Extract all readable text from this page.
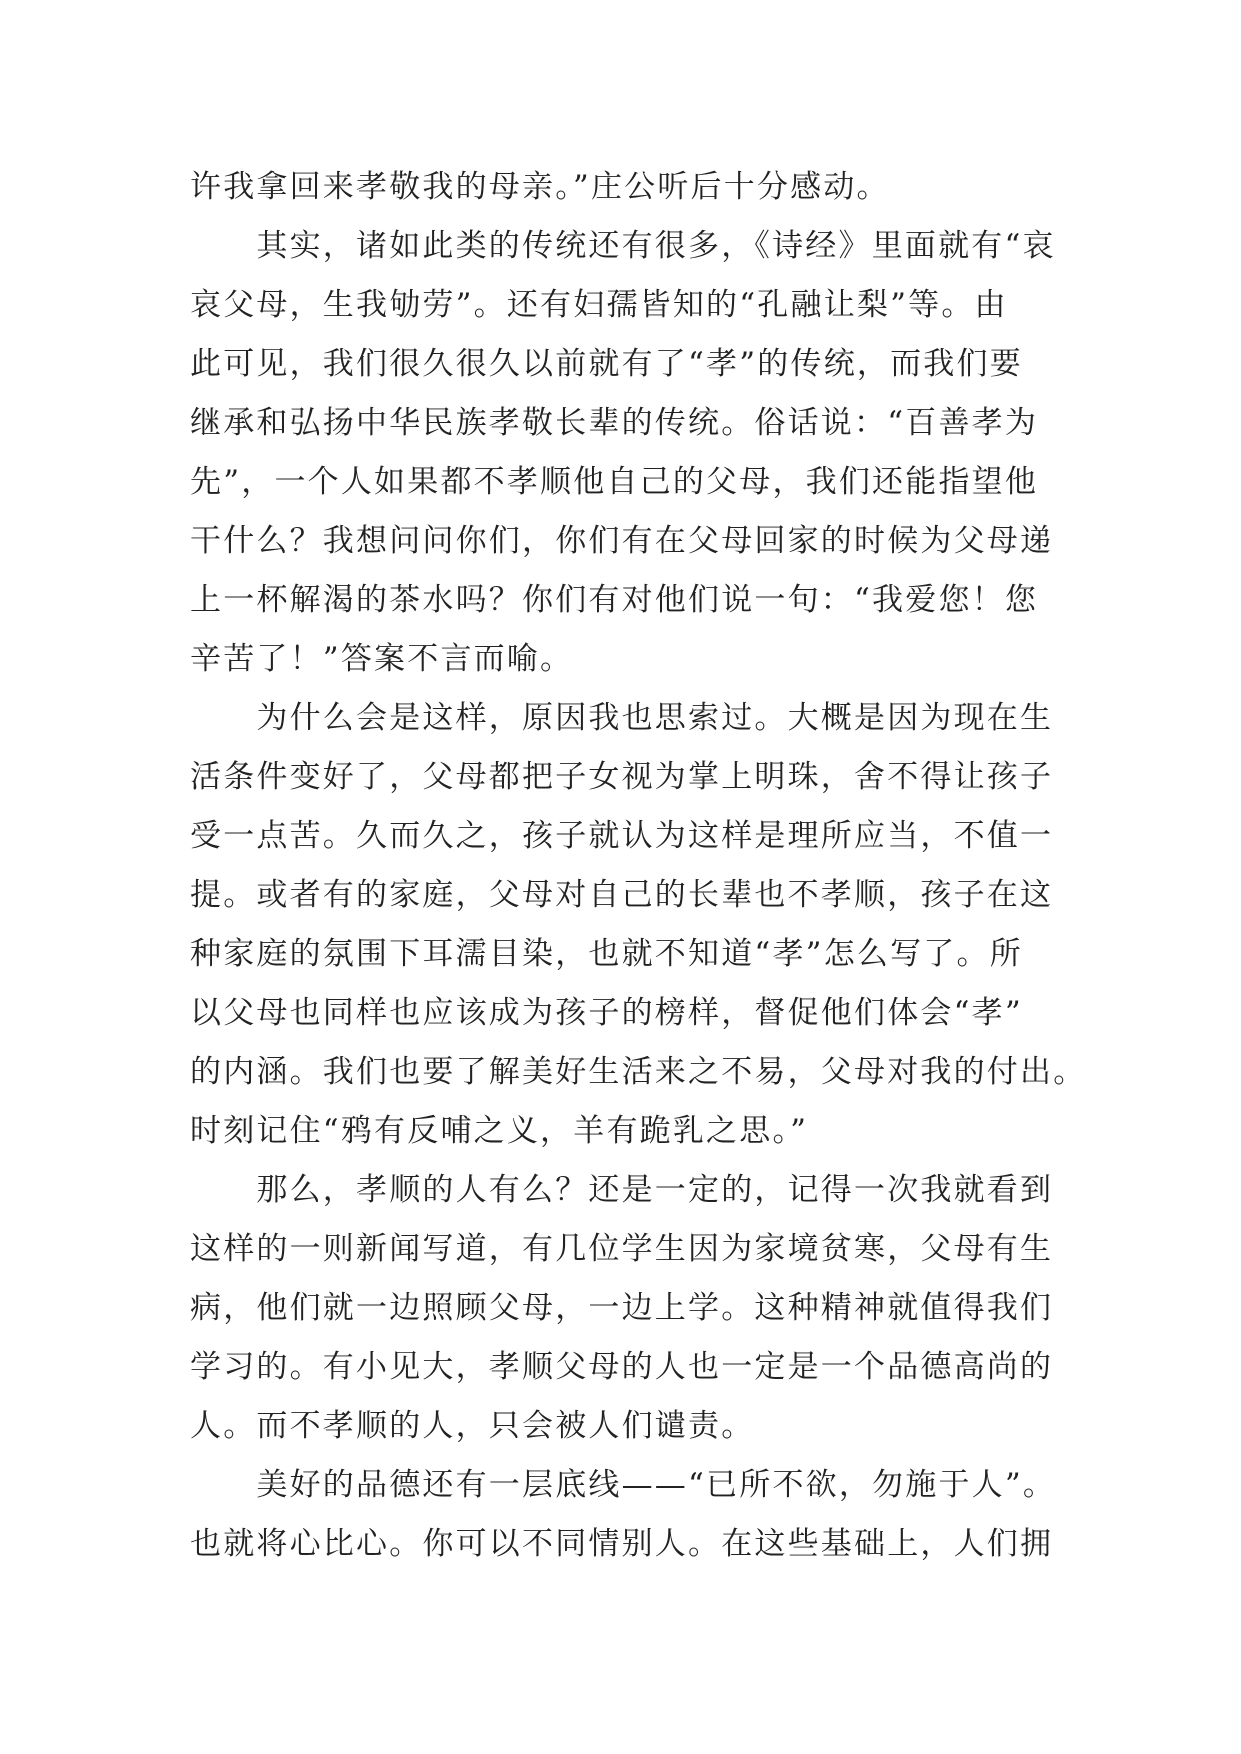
许我拿回来孝敬我的母亲。”庄公听后十分感动。
　　其实，诸如此类的传统还有很多，《诗经》里面就有“哀
哀父母，生我劬劳”。还有妇孺皆知的“孔融让梨”等。由
此可见，我们很久很久以前就有了“孝”的传统，而我们要
继承和弘扬中华民族孝敬长辈的传统。俗话说：“百善孝为
先”，一个人如果都不孝顺他自己的父母，我们还能指望他
干什么？我想问问你们，你们有在父母回家的时候为父母递
上一杯解渴的茶水吗？你们有对他们说一句：“我爱您！您
辛苦了！”答案不言而喻。
　　为什么会是这样，原因我也思索过。大概是因为现在生
活条件变好了，父母都把子女视为掌上明珠，舍不得让孩子
受一点苦。久而久之，孩子就认为这样是理所应当，不值一
提。或者有的家庭，父母对自己的长辈也不孝顺，孩子在这
种家庭的氛围下耳濡目染，也就不知道“孝”怎么写了。所
以父母也同样也应该成为孩子的榜样，督促他们体会“孝”
的内涵。我们也要了解美好生活来之不易，父母对我的付出。
时刻记住“鸦有反哺之义，羊有跪乳之思。”
　　那么，孝顺的人有么？还是一定的，记得一次我就看到
这样的一则新闻写道，有几位学生因为家境贫寒，父母有生
病，他们就一边照顾父母，一边上学。这种精神就值得我们
学习的。有小见大，孝顺父母的人也一定是一个品德高尚的
人。而不孝顺的人，只会被人们谴责。
　　美好的品德还有一层底线——“已所不欲，勿施于人”。
也就将心比心。你可以不同情别人。在这些基础上，人们拥
